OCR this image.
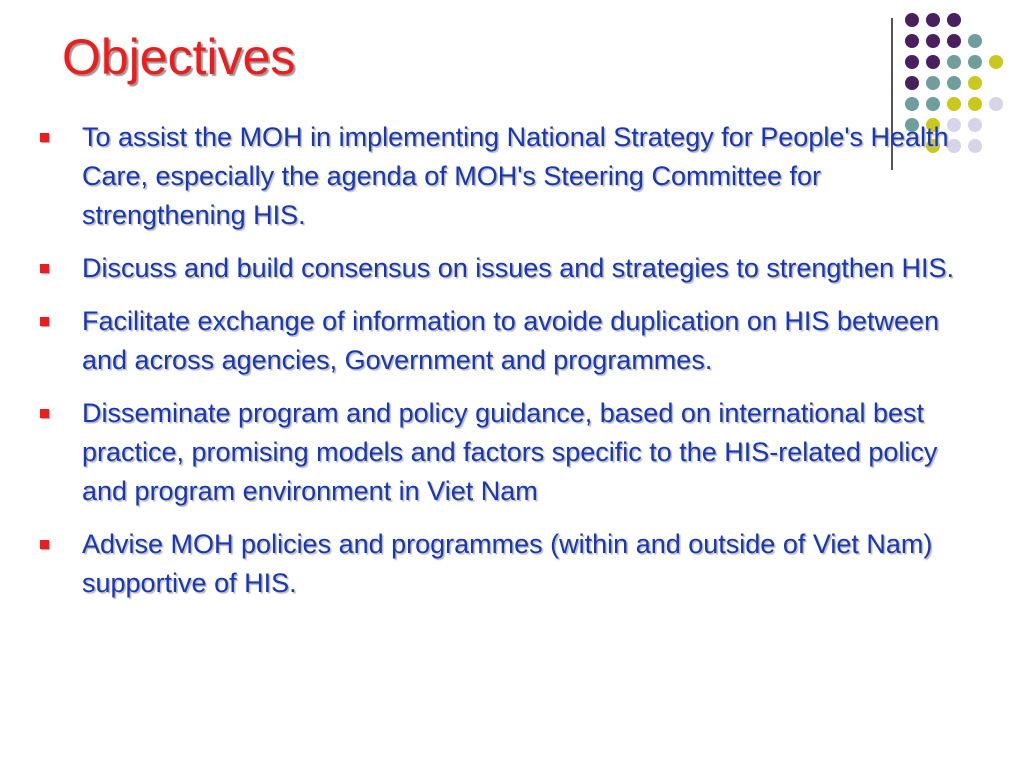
Objectives
To assist the MOH in implementing National Strategy for People's Health Care, especially the agenda of MOH's Steering Committee for strengthening HIS.
Discuss and build consensus on issues and strategies to strengthen HIS.
Facilitate exchange of information to avoide duplication on HIS between and across agencies, Government and programmes.
Disseminate program and policy guidance, based on international best practice, promising models and factors specific to the HIS-related policy and program environment in Viet Nam
Advise MOH policies and programmes (within and outside of Viet Nam) supportive of HIS.
